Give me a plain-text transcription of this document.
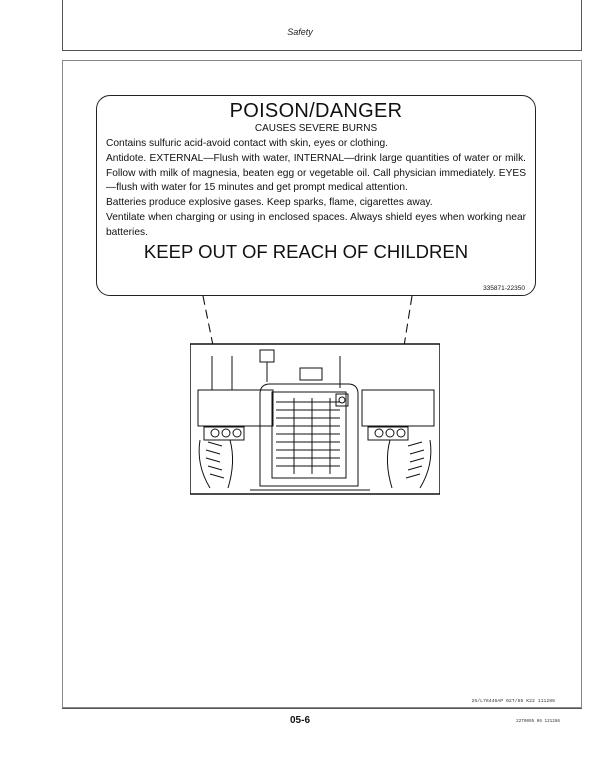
Safety
POISON/DANGER
CAUSES SEVERE BURNS

Contains sulfuric acid-avoid contact with skin, eyes or clothing.

Antidote. EXTERNAL—Flush with water, INTERNAL—drink large quantities of water or milk. Follow with milk of magnesia, beaten egg or vegetable oil. Call physician immediately. EYES—flush with water for 15 minutes and get prompt medical attention.

Batteries produce explosive gases. Keep sparks, flame, cigarettes away.

Ventilate when charging or using in enclosed spaces. Always shield eyes when working near batteries.

KEEP OUT OF REACH OF CHILDREN
335871-22350
25/L76446AP 02T/85 K22 111286
05-6	22T0005 06 121286
